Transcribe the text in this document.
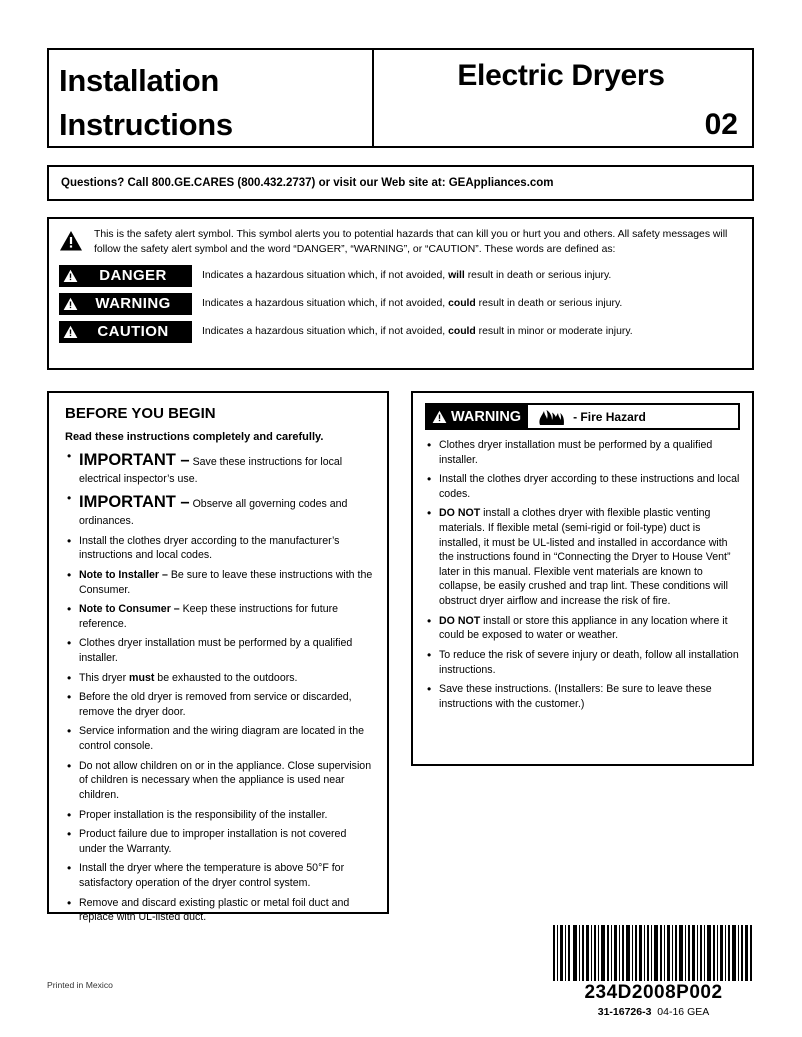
Installation
Instructions
Electric Dryers
02
Questions? Call 800.GE.CARES (800.432.2737) or visit our Web site at: GEAppliances.com
This is the safety alert symbol. This symbol alerts you to potential hazards that can kill you or hurt you and others. All safety messages will follow the safety alert symbol and the word “DANGER”, “WARNING”, or “CAUTION”. These words are defined as:
DANGER	Indicates a hazardous situation which, if not avoided, will result in death or serious injury.
WARNING	Indicates a hazardous situation which, if not avoided, could result in death or serious injury.
CAUTION	Indicates a hazardous situation which, if not avoided, could result in minor or moderate injury.
BEFORE YOU BEGIN
Read these instructions completely and carefully.
• IMPORTANT – Save these instructions for local electrical inspector’s use.
• IMPORTANT – Observe all governing codes and ordinances.
• Install the clothes dryer according to the manufacturer’s instructions and local codes.
• Note to Installer – Be sure to leave these instructions with the Consumer.
• Note to Consumer – Keep these instructions for future reference.
• Clothes dryer installation must be performed by a qualified installer.
• This dryer must be exhausted to the outdoors.
• Before the old dryer is removed from service or discarded, remove the dryer door.
• Service information and the wiring diagram are located in the control console.
• Do not allow children on or in the appliance. Close supervision of children is necessary when the appliance is used near children.
• Proper installation is the responsibility of the installer.
• Product failure due to improper installation is not covered under the Warranty.
• Install the dryer where the temperature is above 50°F for satisfactory operation of the dryer control system.
• Remove and discard existing plastic or metal foil duct and replace with UL-listed duct.
WARNING	- Fire Hazard
• Clothes dryer installation must be performed by a qualified installer.
• Install the clothes dryer according to these instructions and local codes.
• DO NOT install a clothes dryer with flexible plastic venting materials. If flexible metal (semi-rigid or foil-type) duct is installed, it must be UL-listed and installed in accordance with the instructions found in “Connecting the Dryer to House Vent” later in this manual. Flexible vent materials are known to collapse, be easily crushed and trap lint. These conditions will obstruct dryer airflow and increase the risk of fire.
• DO NOT install or store this appliance in any location where it could be exposed to water or weather.
• To reduce the risk of severe injury or death, follow all installation instructions.
• Save these instructions. (Installers: Be sure to leave these instructions with the customer.)
234D2008P002
31-16726-3 04-16 GEA
Printed in Mexico
